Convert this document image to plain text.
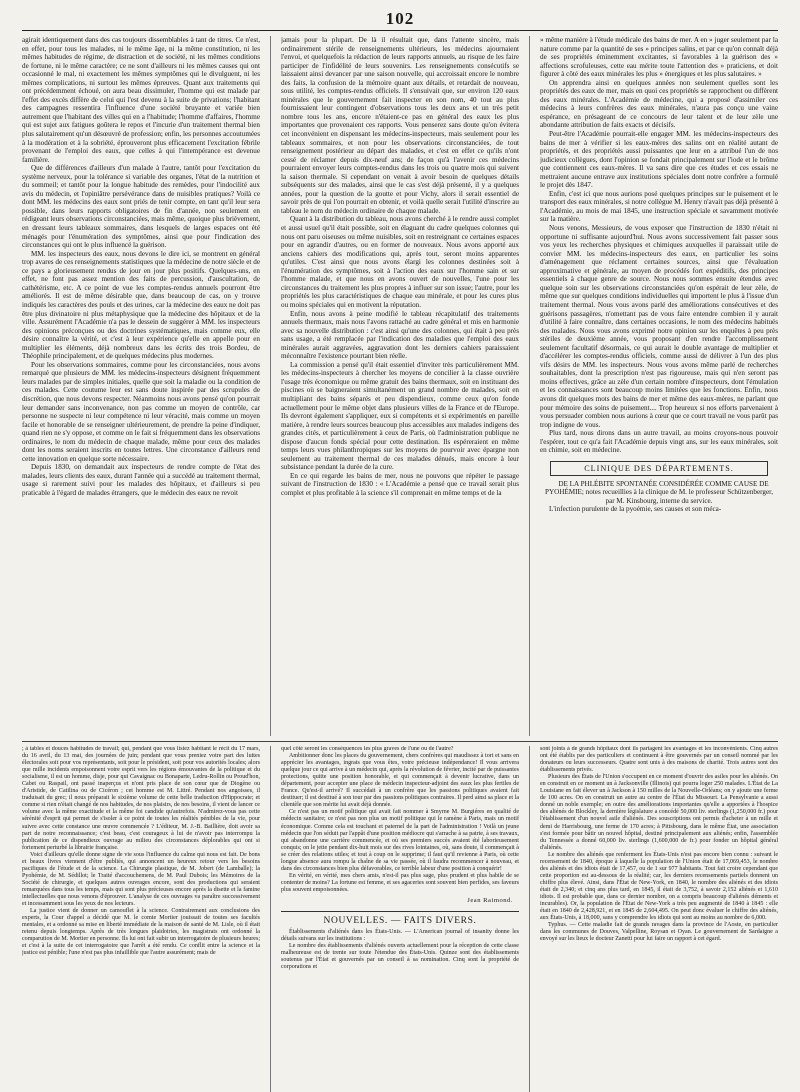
102

agirait identiquement dans des cas toujours dissemblables à tant de titres. Ce n'est, en effet, pour tous les malades, ni le même âge, ni la même constitution, ni les mêmes habitudes de régime, de distraction et de société, ni les mêmes conditions de fortune, ni le même caractère; ce ne sont d'ailleurs ni les mêmes causes qui ont occasionné le mal, ni exactement les mêmes symptômes qui le divulguent, ni les mêmes complications, ni surtout les mêmes épreuves. Quant aux traitements qui ont précédemment échoué, on aura beau dissimuler, l'homme qui est malade par l'effet des excès diffère de celui qui l'est devenu à la suite de privations; l'habitant des campagnes ressentira l'influence d'une société bruyante et variée bien autrement que l'habitant des villes qui en a l'habitude; l'homme d'affaires, l'homme qui est sujet aux fatigues goûtera le repos et l'incurie d'un traitement thermal bien plus salutairement qu'un désœuvré de profession; enfin, les personnes accoutumées à la modération et à la sobriété, éprouveront plus efficacement l'excitation fébrile provenant de l'emploi des eaux, que celles à qui l'intempérance est devenue familière.

Que de différences d'ailleurs d'un malade à l'autre, tantôt pour l'excitation du système nerveux, pour la tolérance si variable des organes, l'état de la nutrition et du sommeil; et tantôt pour la longue habitude des remèdes, pour l'indocilité aux avis du médecin, et l'opiniâtre persévérance dans de nuisibles pratiques? Voilà ce dont MM. les médecins des eaux sont priés de tenir compte, en tant qu'il leur sera possible, dans leurs rapports obligatoires de fin d'année, non seulement en rédigeant leurs observations circonstanciées, mais même, quoique plus brièvement, en dressant leurs tableaux sommaires, dans lesquels de larges espaces ont été ménagés pour l'énumération des symptômes, ainsi que pour l'indication des circonstances qui ont le plus influencé la guérison.

MM. les inspecteurs des eaux, nous devons le dire ici, se montrent en général trop avares de ces renseignements statistiques que la médecine de notre siècle et de ce pays a glorieusement rendus de jour en jour plus positifs. Quelques-uns, en effet, ne font pas assez mention des faits de percussion, d'auscultation, de cathétérisme, etc. A ce point de vue les comptes-rendus annuels pourront être améliorés. Il est de même désirable que, dans beaucoup de cas, on y trouve indiqués les caractères des pouls et des urines, car la médecine des eaux ne doit pas être plus divinatoire ni plus métaphysique que la médecine des hôpitaux et de la ville. Assurément l'Académie n'a pas le dessein de suggérer à MM. les inspecteurs des opinions préconçues ou des doctrines systématiques, mais comme eux, elle désire connaître la vérité, et c'est à leur expérience qu'elle en appelle pour en multiplier les éléments, déjà nombreux dans les écrits des trois Bordeu, de Théophile principalement, et de quelques médecins plus modernes.

Pour les observations sommaires, comme pour les circonstanciées, nous avons remarqué que plusieurs de MM. les médecins-inspecteurs désignent fréquemment leurs malades par de simples initiales, quelle que soit la maladie ou la condition de ces malades. Cette coutume leur est sans doute inspirée par des scrupules de discrétion, que nous devons respecter. Néanmoins nous avons pensé qu'on pourrait leur demander sans inconvenance, non pas comme un moyen de contrôle, car personne ne suspecte ni leur compétence ni leur véracité, mais comme un moyen facile et honorable de se renseigner ultérieurement, de prendre la peine d'indiquer, quand rien ne s'y oppose, et comme on le fait si fréquemment dans les observations ordinaires, le nom du médecin de chaque malade, même pour ceux des malades dont les noms seraient inscrits en toutes lettres. Une circonstance d'ailleurs rend cette innovation en quelque sorte nécessaire.

Depuis 1830, on demandait aux inspecteurs de rendre compte de l'état des malades, leurs clients des eaux, durant l'année qui a succédé au traitement thermal, usage si rarement suivi pour les malades des hôpitaux, et d'ailleurs si peu praticable à l'égard de malades étrangers, que le médecin des eaux ne revoit

jamais pour la plupart. De là il résultait que, dans l'attente sincère, mais ordinairement stérile de renseignements ultérieurs, les médecins ajournaient l'envoi, et quelquefois la rédaction de leurs rapports annuels, au risque de les faire participer de l'infidélité de leurs souvenirs. Les renseignements consécutifs se laissaient ainsi devancer par une saison nouvelle, qui accroissait encore le nombre des faits, la confusion de la mémoire quant aux détails, et retardait de nouveau, sous utilité, les comptes-rendus officiels. Il s'ensuivait que, sur environ 120 eaux minérales que le gouvernement fait inspecter en son nom, 40 tout au plus fournissaient leur contingent d'observations tous les deux ans et un très petit nombre tous les ans, encore n'étaient-ce pas en général des eaux les plus importantes que provenaient ces rapports. Vous penserez sans doute qu'on évitera cet inconvénient en dispensant les médecins-inspecteurs, mais seulement pour les tableaux sommaires, et non pour les observations circonstanciées, de tout renseignement postérieur au départ des malades, et c'est en effet ce qu'ils n'ont cessé de réclamer depuis dix-neuf ans; de façon qu'à l'avenir ces médecins pourraient envoyer leurs comptes-rendus dans les trois ou quatre mois qui suivent la saison thermale. Si cependant on venait à avoir besoin de quelques détails subséquents sur des malades, ainsi que le cas s'est déjà présenté, il y a quelques années, pour la question de la goutte et pour Vichy, alors il serait essentiel de savoir près de qui l'on pourrait en obtenir, et voilà quelle serait l'utilité d'inscrire au tableau le nom du médecin ordinaire de chaque malade.

Quant à la distribution du tableau, nous avons cherché à le rendre aussi complet et aussi usuel qu'il était possible, soit en élaguant du cadre quelques colonnes qui nous ont paru oiseuses ou même nuisibles, soit en restreignant ce certaines espaces pour en agrandir d'autres, ou en former de nouveaux. Nous avons apporté aux anciens cahiers des modifications qui, après tout, seront moins apparentes qu'utiles. C'est ainsi que nous avons élargi les colonnes destinées soit à l'énumération des symptômes, soit à l'action des eaux sur l'homme sain et sur l'homme malade, et que nous en avons ouvert de nouvelles, l'une pour les circonstances du traitement les plus propres à influer sur son issue; l'autre, pour les propriétés les plus caractéristiques de chaque eau minérale, et pour les cures plus ou moins spéciales qui en motivent la réputation.

Enfin, nous avons à peine modifié le tableau récapitulatif des traitements annuels thermaux, mais nous l'avons rattaché au cadre général et mis en harmonie avec sa nouvelle distribution : c'est ainsi qu'une des colonnes, qui était à peu près sans usage, a été remplacée par l'indication des maladies que l'emploi des eaux minérales aurait aggravées, aggravation dont les derniers cahiers paraissaient méconnaître l'existence pourtant bien réelle.

La commission a pensé qu'il était essentiel d'inviter très particulièrement MM. les médecins-inspecteurs à chercher les moyens de concilier à la classe ouvrière l'usage très économique ou même gratuit des bains thermaux, soit en instituant des piscines où se baigneraient simultanément un grand nombre de malades, soit en multipliant des bains séparés et peu dispendieux, comme ceux qu'on fonde actuellement pour le même objet dans plusieurs villes de la France et de l'Europe. Ils devront également s'appliquer, eux si compétents et si expérimentés en pareille matière, à rendre leurs sources beaucoup plus accessibles aux malades indigens des grandes cités, et particulièrement à ceux de Paris, où l'administration publique ne dispose d'aucun fonds spécial pour cette destination. Ils espéreraient en même temps leurs vues philanthropiques sur les moyens de pourvoir avec épargne non seulement au traitement thermal de ces malades dénués, mais encore à leur subsistance pendant la durée de la cure.

En ce qui regarde les bains de mer, nous ne pouvons que répéter le passage suivant de l'instruction de 1830 : « L'Académie a pensé que ce travail serait plus complet et plus profitable à la science s'il comprenait en même temps et de la

» même manière à l'étude médicale des bains de mer. A en » juger seulement par la nature comme par la quantité de ses » principes salins, et par ce qu'on connaît déjà de ses propriétés éminemment excitantes, si favorables à la guérison des » affections scrofuleuses, cette eau mérite toute l'attention des » praticiens, et doit figurer à côté des eaux minérales les plus » énergiques et les plus salutaires. »

On apprendra ainsi en quelques années non seulement quelles sont les propriétés des eaux de mer, mais en quoi ces propriétés se rapprochent ou diffèrent des eaux minérales. L'Académie de médecine, qui a proposé d'assimiler ces médecins à leurs confrères des eaux minérales, n'aura pas conçu une vaine espérance, en présageant de ce concours de leur talent et de leur zèle une abondante attribution de faits exacts et décisifs.

Peut-être l'Académie pourrait-elle engager MM. les médecins-inspecteurs des bains de mer à vérifier si les eaux-mères des salins ont en réalité autant de propriétés, et des propriétés aussi puissantes que leur en a attribué l'un de nos judicieux collègues, dont l'opinion se fondait principalement sur l'iode et le brôme que contiennent ces eaux-mères. Il va sans dire que ces études et ces essais ne mettraient aucune entrave aux institutions spéciales dont notre confrère a formulé le projet dès 1847.

Enfin, c'est ici que nous aurions posé quelques principes sur le puisement et le transport des eaux minérales, si notre collègue M. Henry n'avait pas déjà présenté à l'Académie, au mois de mai 1845, une instruction spéciale et savamment motivée sur la matière.

Nous venons, Messieurs, de vous exposer que l'instruction de 1830 n'était ni opportune ni suffisante aujourd'hui. Nous avons successivement fait passer sous vos yeux les recherches physiques et chimiques auxquelles il paraissait utile de convier MM. les médecins-inspecteurs des eaux, en particulier les soins d'aménagement que réclament certaines sources, ainsi que l'évaluation approximative et générale, au moyen de procédés fort expéditifs, des principes essentiels à chaque genre de source. Nous nous sommes ensuite étendus avec quelque soin sur les observations circonstanciées qu'on espérait de leur zèle, de même que sur quelques conditions individuelles qui importent le plus à l'issue d'un traitement thermal. Nous vous avons parlé des améliorations consécutives et des guérisons passagères, n'omettant pas de vous faire entendre combien il y aurait d'utilité à faire connaître, dans certaines occasions, le nom des médecins habitués des malades. Nous vous avons exprimé notre opinion sur les enquêtes à peu près stériles de deuxième année, vous proposant d'en rendre l'accomplissement seulement facultatif désormais, ce qui aurait le double avantage de multiplier et d'accélérer les comptes-rendus officiels, comme aussi de délivrer à l'un des plus vifs désirs de MM. les inspecteurs. Nous vous avons même parlé de recherches souhaitables, dont la prescription n'est pas rigoureuse, mais qui n'en seront pas moins effectives, grâce au zèle d'un certain nombre d'inspecteurs, dont l'émulation et les connaissances sont beaucoup moins limitées que les fonctions. Enfin, nous avons dit quelques mots des bains de mer et même des eaux-mères, ne parlant que pour mémoire des soins de puisement.... Trop heureux si nos efforts parvenaient à vous persuader combien nous aurions à cœur que ce court travail ne vous parût pas trop indigne de vous.

Plus tard, nous dirons dans un autre travail, au moins croyons-nous pouvoir l'espérer, tout ce qu'a fait l'Académie depuis vingt ans, sur les eaux minérales, soit en chimie, soit en médecine.

CLINIQUE DES DÉPARTEMENTS.

DE LA PHLÉBITE SPONTANÉE CONSIDÉRÉE COMME CAUSE DE PYOHÉMIE; notes recueillies à la clinique de M. le professeur Schützenberger, par M. Kinsbourg, interne du service.

L'infection purulente de la pyoémie, ses causes et son méca-

; à tables et douces habitudes de travail; qui, pendant que vous lisiez habitant le récit du 17 mars, du 16 avril, du 13 mai, des journées de juin; pendant que vous preniez votre part des luttes électorales soit pour vos représentants, soit pour le président, soit pour vos autorités locales; alors que mille incidents empoisonnent votre esprit vers les régions émouvantes de la politique et du socialisme, il est un homme, disje, pour qui Cavaignac ou Bonaparte, Ledru-Rollin ou Proud'hon, Cabet ou Raspail, ont passé inaperçus et n'ont pris place de son cœur que de Diogène ou d'Aristide, de Catilina ou de Cicéron ; cet homme est M. Littré. Pendant nos angoisses, il traduisait du grec; il nous préparait le sixième volume de cette belle traduction d'Hippocrate; et comme si rien n'était changé de nos habitudes, de nos plaisirs, de nos besoins, il vient de lancer ce volume avec la même exactitude et la même foi candide qu'autrefois. N'admirez-vous pas cette sérénité d'esprit qui permet de s'isoler à ce point de toutes les réalités pénibles de la vie, pour suivre avec cette constance une œuvre commencée ? L'éditeur, M. J.-B. Baillière, doit avoir sa part de notre reconnaissance; c'est beau, c'est courageux à lui de n'avoir pas interrompu la publication de ce dispendieux ouvrage au milieu des circonstances déplorables qui ont si fortement perturbé la librairie française.

Voici d'ailleurs qu'elle donne signe de vie sous l'influence du calme qui nous est fait. De bons et beaux livres viennent d'être publiés, qui annoncent un heureux retour vers les besoins pacifiques de l'étude et de la science. La Chirurgie plastique, de M. Jobert (de Lamballe); la Pyohémie, de M. Sédillot; le Traité d'accouchemens, de M. Paul Dubois; les Mémoires de la Société de chirurgie, et quelques autres ouvrages encore, sont des productions qui seraient remarquées dans tous les temps, mais qui sont plus précieuses encore après la disette et la famine intellectuelles que nous venons d'éprouver. L'analyse de ces ouvrages va paraître successivement et incessamment sous les yeux de nos lecteurs.

La justice vient de donner un camouflet à la science. Contrairement aux conclusions des experts, la Cour d'appel a décidé que M. le comte Mortier jouissait de toutes ses facultés mentales, et a ordonné sa mise en liberté immédiate de la maison de santé de M. Lisle, où il était retenu depuis longtemps. Après de très longues plaidoiries, les magistrats ont ordonné la comparution de M. Mortier en personne. Ils lui ont fait subir un interrogatoire de plusieurs heures; et c'est à la suite de cet interrogatoire que l'arrêt a été rendu. Ce conflit entre la science et la justice est pénible; l'une n'est pas plus infaillible que l'autre assurément; mais de

quel côté seront les conséquences les plus graves de l'une ou de l'autre?

Ambitionner donc les places du gouvernement, chers confrères qui maudissez à tort et sans en apprécier les avantages, ingrats que vous êtes, votre précieuse indépendance! Il vous arrivera quelque jour ce qui arrive à un médecin qui, après la révolution de février, incité par de puissantes protections, quitte une position honorable, et qui commençait à devenir lucrative, dans un département, pour accepter une place de médecin inspecteur-adjoint des eaux les plus fertiles de France. Qu'est-il arrivé? Il succédait à un confrère que les passions politiques avaient fait destituer; il est destitué à son tour par des passions politiques contraires. Il perd ainsi sa place et la clientèle que son mérite lui avait déjà donnée.

Ce n'est pas un motif politique qui avait fait nommer à Smyrne M. Burgiéres en qualité de médecin sanitaire; ce n'est pas non plus un motif politique qui le ramène à Paris, mais un motif économique. Comme cela est touchant et paternel de la part de l'administration ! Voilà un jeune médecin que l'on séduit par l'appât d'une position médiocre qui s'arrache à sa patrie, à ses travaux, qui abandonne une carrière commencée, et où ses premiers succès avaient été laborieusement conquis; on le jette pendant dix-huit mois sur des rives lointaines, où, sans doute, il commençait à se créer des relations utiles; et tout à coup on le supprime; il faut qu'il revienne à Paris, où cette longue absence aura rompu la chaîne de sa vie passée, où il faudra recommencer à nouveau, et dans des circonstances bien plus défavorables, ce terrible labeur d'une position à conquérir!

En vérité, en vérité, mes chers amis, n'est-il pas plus sage, plus prudent et plus habile de se contenter de moins? La fortune est femme, et ses agaceries sont souvent bien perfides, ses faveurs plus souvent empoisonnées.

Jean Raimond.
NOUVELLES. — FAITS DIVERS.

Établissements d'aliénés dans les États-Unis. — L'American journal of insanity donne les détails suivans sur les institutions :

Le nombre des établissements d'aliénés ouverts actuellement pour la réception de cette classe malheureuse est de trente sur toute l'étendue des États-Unis. Quinze sont des établissements soutenus par l'État et gouvernés par un conseil à sa nomination. Cinq sont la propriété de corporations et

sont joints à de grands hôpitaux dont ils partagent les avantages et les inconvénients. Cinq autres ont été établis par des particuliers et continuent à être gouvernés par un conseil nommé par les donateurs ou leurs successeurs. Quatre sont unis à des maisons de charité. Trois autres sont des établissements privés.

Plusieurs des États de l'Union s'occupent en ce moment d'ouvrir des asiles pour les aliénés. On en construit en ce moment un à Jacksonville (Illinois) qui pourra loger 250 malades. L'État de La Louisiane en fait élever un à Jackson à 150 milles de la Nouvelle-Orléans; on y ajoute une ferme de 100 acres. On en construit un autre au centre de l'État du Missouri. La Pensylvanie a aussi donné un noble exemple; en outre des améliorations importantes qu'elle a apportées à l'hospice des aliénés de Blockley, la dernière législature a concédé 50,000 liv. sterlings (1,250,000 fr.) pour l'établissement d'un nouvel asile d'aliénés. Des souscriptions ont permis d'acheter à un mille et demi de Harrisbourg, une ferme de 170 acres; à Pittsbourg, dans le même État, une association s'est formée pour bâtir un nouvel hôpital, destiné principalement aux aliénés; enfin, l'assemblée du Tennessée a donné 60,000 liv. sterlings (1,600,000 de fr.) pour fonder un hôpital général d'aliénés.

Le nombre des aliénés que renferment les États-Unis n'est pas encore bien connu : suivant le recensement de 1840, époque à laquelle la population de l'Union était de 17,069,453, le nombre des aliénés et des idiots était de 17,457, ou de 1 sur 977 habitants. Tout fait croire cependant que cette proportion est au-dessous de la réalité; car, les derniers recensements partiels donnent un chiffre plus élevé. Ainsi, dans l'État de New-York, en 1840, le nombre des aliénés et des idiots était de 2,340; et cinq ans plus tard, en 1845, il était de 3,752, à savoir 2,152 aliénés et 1,610 idiots. Il est probable que, dans ce dernier nombre, on a compris beaucoup d'aliénés déments et incurables). Or, la population de l'État de New-York a très peu augmenté de 1840 à 1845 : elle était en 1840 de 2,428,921, et en 1845 de 2,604,495. On peut donc évaluer le chiffre des aliénés, aux États-Unis, à 18,000, sans y comprendre les idiots qui sont au moins au nombre de 6,000.

Typhus. — Cette maladie fait de grands ravages dans la province de l'Aoste, en particulier dans les communes de Douves, Valpelline, Roysan et Oyan. Le gouvernement de Sardaigne a envoyé sur les lieux le docteur Zanetti pour lui faire un rapport à cet égard.
